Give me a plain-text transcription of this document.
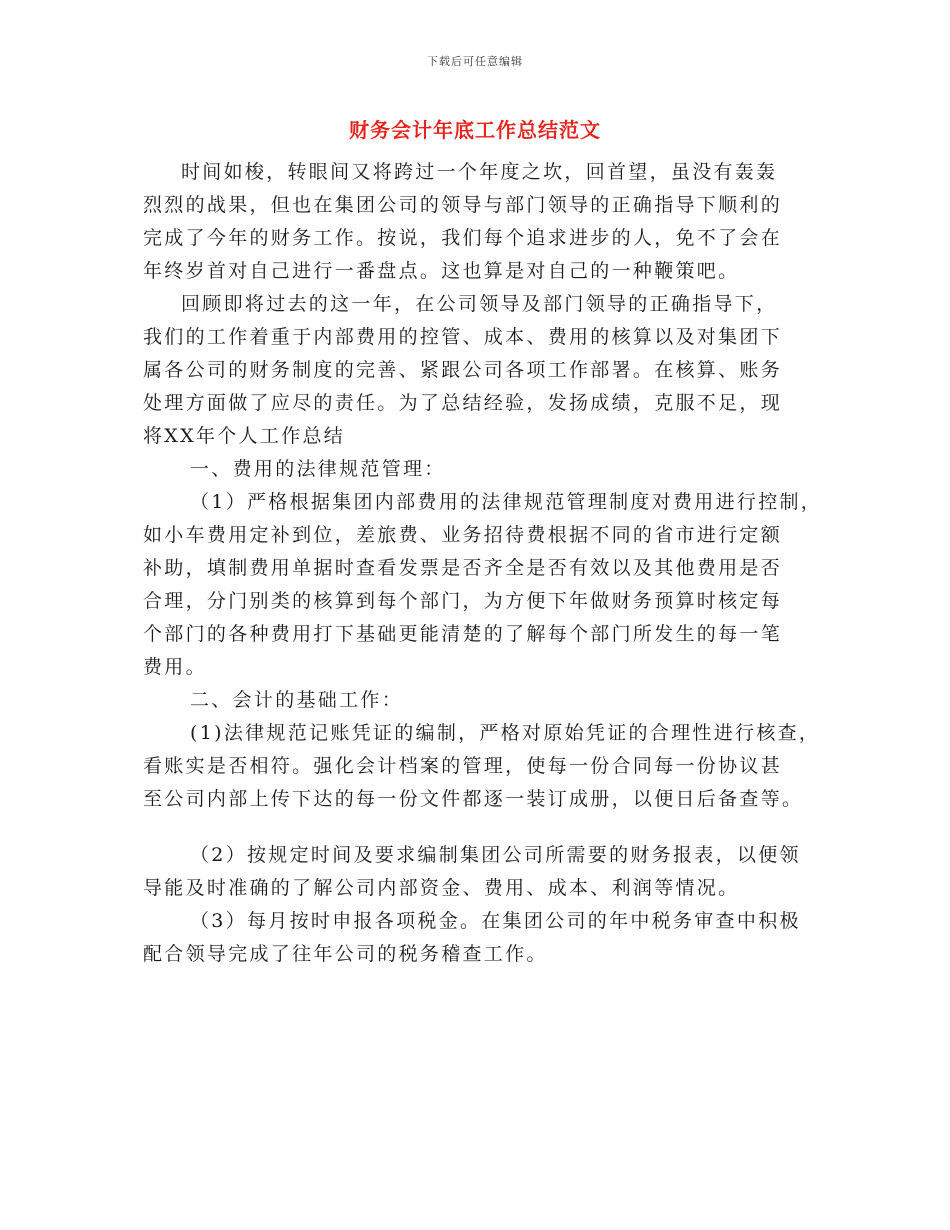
下载后可任意编辑
财务会计年底工作总结范文
时间如梭，转眼间又将跨过一个年度之坎，回首望，虽没有轰轰
烈烈的战果，但也在集团公司的领导与部门领导的正确指导下顺利的
完成了今年的财务工作。按说，我们每个追求进步的人，免不了会在
年终岁首对自己进行一番盘点。这也算是对自己的一种鞭策吧。
回顾即将过去的这一年，在公司领导及部门领导的正确指导下，
我们的工作着重于内部费用的控管、成本、费用的核算以及对集团下
属各公司的财务制度的完善、紧跟公司各项工作部署。在核算、账务
处理方面做了应尽的责任。为了总结经验，发扬成绩，克服不足，现
将XX年个人工作总结
一、费用的法律规范管理：
（1）严格根据集团内部费用的法律规范管理制度对费用进行控制，
如小车费用定补到位，差旅费、业务招待费根据不同的省市进行定额
补助，填制费用单据时查看发票是否齐全是否有效以及其他费用是否
合理，分门别类的核算到每个部门，为方便下年做财务预算时核定每
个部门的各种费用打下基础更能清楚的了解每个部门所发生的每一笔
费用。
二、会计的基础工作：
(1)法律规范记账凭证的编制，严格对原始凭证的合理性进行核查，
看账实是否相符。强化会计档案的管理，使每一份合同每一份协议甚
至公司内部上传下达的每一份文件都逐一装订成册，以便日后备查等。
（2）按规定时间及要求编制集团公司所需要的财务报表，以便领
导能及时准确的了解公司内部资金、费用、成本、利润等情况。
（3）每月按时申报各项税金。在集团公司的年中税务审查中积极
配合领导完成了往年公司的税务稽查工作。
